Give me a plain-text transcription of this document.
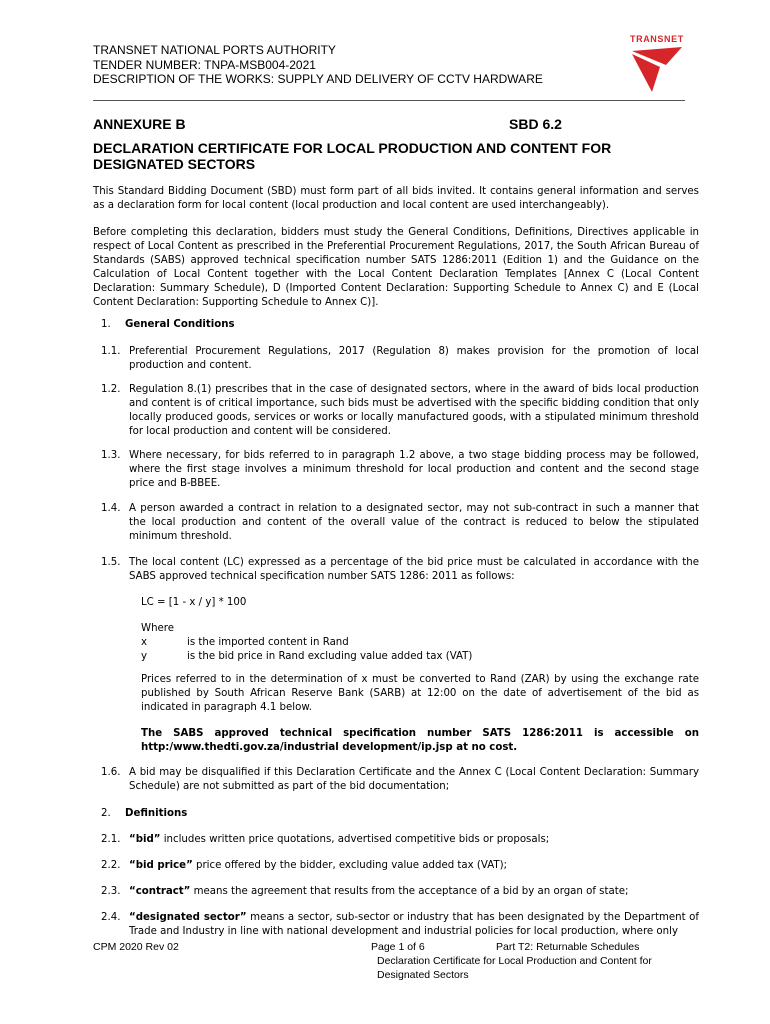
TRANSNET NATIONAL PORTS AUTHORITY
TENDER NUMBER: TNPA-MSB004-2021
DESCRIPTION OF THE WORKS: SUPPLY AND DELIVERY OF CCTV HARDWARE
TRANSNET
ANNEXURE B	SBD 6.2
DECLARATION CERTIFICATE FOR LOCAL PRODUCTION AND CONTENT FOR DESIGNATED SECTORS
This Standard Bidding Document (SBD) must form part of all bids invited. It contains general information and serves as a declaration form for local content (local production and local content are used interchangeably).
Before completing this declaration, bidders must study the General Conditions, Definitions, Directives applicable in respect of Local Content as prescribed in the Preferential Procurement Regulations, 2017, the South African Bureau of Standards (SABS) approved technical specification number SATS 1286:2011 (Edition 1) and the Guidance on the Calculation of Local Content together with the Local Content Declaration Templates [Annex C (Local Content Declaration: Summary Schedule), D (Imported Content Declaration: Supporting Schedule to Annex C) and E (Local Content Declaration: Supporting Schedule to Annex C)].
1. General Conditions
1.1. Preferential Procurement Regulations, 2017 (Regulation 8) makes provision for the promotion of local production and content.
1.2. Regulation 8.(1) prescribes that in the case of designated sectors, where in the award of bids local production and content is of critical importance, such bids must be advertised with the specific bidding condition that only locally produced goods, services or works or locally manufactured goods, with a stipulated minimum threshold for local production and content will be considered.
1.3. Where necessary, for bids referred to in paragraph 1.2 above, a two stage bidding process may be followed, where the first stage involves a minimum threshold for local production and content and the second stage price and B-BBEE.
1.4. A person awarded a contract in relation to a designated sector, may not sub-contract in such a manner that the local production and content of the overall value of the contract is reduced to below the stipulated minimum threshold.
1.5. The local content (LC) expressed as a percentage of the bid price must be calculated in accordance with the SABS approved technical specification number SATS 1286: 2011 as follows:
LC = [1 - x / y] * 100
Where
x	is the imported content in Rand
y	is the bid price in Rand excluding value added tax (VAT)
Prices referred to in the determination of x must be converted to Rand (ZAR) by using the exchange rate published by South African Reserve Bank (SARB) at 12:00 on the date of advertisement of the bid as indicated in paragraph 4.1 below.
The SABS approved technical specification number SATS 1286:2011 is accessible on http:/www.thedti.gov.za/industrial development/ip.jsp at no cost.
1.6. A bid may be disqualified if this Declaration Certificate and the Annex C (Local Content Declaration: Summary Schedule) are not submitted as part of the bid documentation;
2. Definitions
2.1. “bid” includes written price quotations, advertised competitive bids or proposals;
2.2. “bid price” price offered by the bidder, excluding value added tax (VAT);
2.3. “contract” means the agreement that results from the acceptance of a bid by an organ of state;
2.4. “designated sector” means a sector, sub-sector or industry that has been designated by the Department of Trade and Industry in line with national development and industrial policies for local production, where only
CPM 2020 Rev 02	Page 1 of 6	Part T2: Returnable Schedules
Declaration Certificate for Local Production and Content for
Designated Sectors
